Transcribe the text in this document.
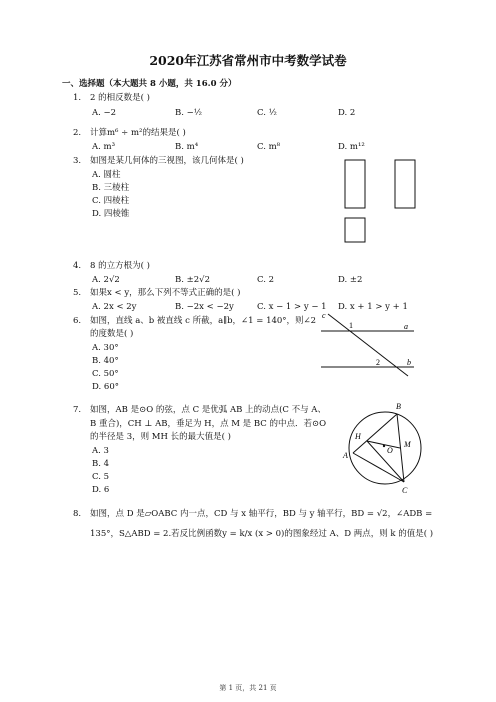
2020年江苏省常州市中考数学试卷
一、选择题（本大题共 8 小题，共 16.0 分）
1. 2 的相反数是( )
A. −2	B. −½	C. ½	D. 2
2. 计算m⁶ ÷ m²的结果是( )
A. m³	B. m⁴	C. m⁸	D. m¹²
3. 如图是某几何体的三视图，该几何体是( )
A. 圆柱
B. 三棱柱
C. 四棱柱
D. 四棱锥
4. 8 的立方根为( )
A. 2√2	B. ±2√2	C. 2	D. ±2
5. 如果x < y，那么下列不等式正确的是( )
A. 2x < 2y	B. −2x < −2y	C. x − 1 > y − 1 D. x + 1 > y + 1
6. 如图，直线 a、b 被直线 c 所截，a∥b，∠1 = 140°，则∠2
的度数是( )
A. 30°
B. 40°
C. 50°
D. 60°
c
1	a
2	b
7. 如图，AB 是⊙O 的弦，点 C 是优弧 AB 上的动点(C 不与 A、
B 重合)，CH ⊥ AB，垂足为 H，点 M 是 BC 的中点．若⊙O
的半径是 3，则 MH 长的最大值是( )
A. 3
B. 4
C. 5
D. 6
B
H
M
O
A
C
8. 如图，点 D 是▱OABC 内一点，CD 与 x 轴平行，BD 与 y 轴平行，BD = √2，∠ADB =
135°，S△ABD = 2.若反比例函数y = k/x (x > 0)的图象经过 A、D 两点，则 k 的值是( )
第 1 页，共 21 页
